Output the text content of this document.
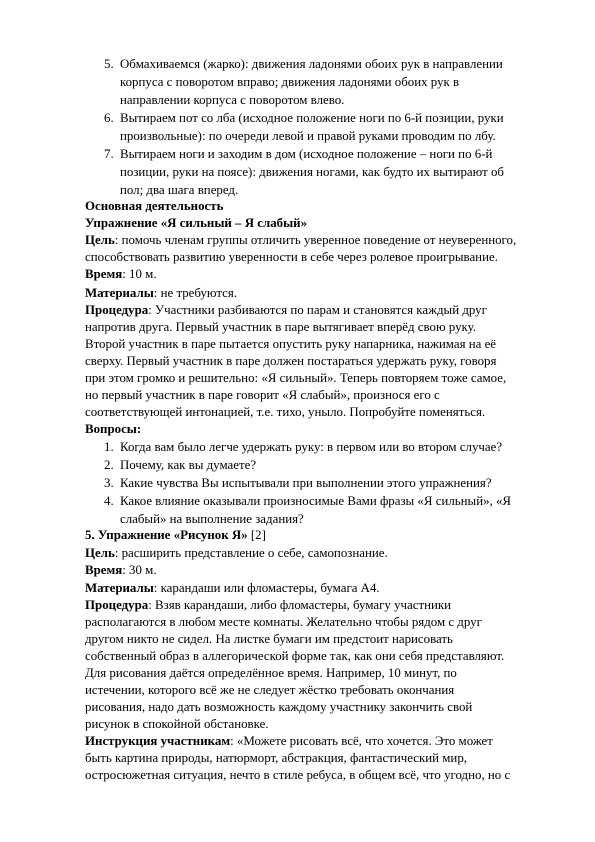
5. Обмахиваемся (жарко): движения ладонями обоих рук в направлении
корпуса с поворотом вправо; движения ладонями обоих рук в
направлении корпуса с поворотом влево.
6. Вытираем пот со лба (исходное положение ноги по 6-й позиции, руки
произвольные): по очереди левой и правой руками проводим по лбу.
7. Вытираем ноги и заходим в дом (исходное положение – ноги по 6-й
позиции, руки на поясе): движения ногами, как будто их вытирают об
пол; два шага вперед.
Основная деятельность
Упражнение «Я сильный – Я слабый»
Цель: помочь членам группы отличить уверенное поведение от неуверенного,
способствовать развитию уверенности в себе через ролевое проигрывание.
Время: 10 м.
Материалы: не требуются.
Процедура: Участники разбиваются по парам и становятся каждый друг
напротив друга. Первый участник в паре вытягивает вперёд свою руку.
Второй участник в паре пытается опустить руку напарника, нажимая на её
сверху. Первый участник в паре должен постараться удержать руку, говоря
при этом громко и решительно: «Я сильный». Теперь повторяем тоже самое,
но первый участник в паре говорит «Я слабый», произнося его с
соответствующей интонацией, т.е. тихо, уныло. Попробуйте поменяться.
Вопросы:
1. Когда вам было легче удержать руку: в первом или во втором случае?
2. Почему, как вы думаете?
3. Какие чувства Вы испытывали при выполнении этого упражнения?
4. Какое влияние оказывали произносимые Вами фразы «Я сильный», «Я
слабый» на выполнение задания?
5. Упражнение «Рисунок Я» [2]
Цель: расширить представление о себе, самопознание.
Время: 30 м.
Материалы: карандаши или фломастеры, бумага А4.
Процедура: Взяв карандаши, либо фломастеры, бумагу участники
располагаются в любом месте комнаты. Желательно чтобы рядом с друг
другом никто не сидел. На листке бумаги им предстоит нарисовать
собственный образ в аллегорической форме так, как они себя представляют.
Для рисования даётся определённое время. Например, 10 минут, по
истечении, которого всё же не следует жёстко требовать окончания
рисования, надо дать возможность каждому участнику закончить свой
рисунок в спокойной обстановке.
Инструкция участникам: «Можете рисовать всё, что хочется. Это может
быть картина природы, натюрморт, абстракция, фантастический мир,
остросюжетная ситуация, нечто в стиле ребуса, в общем всё, что угодно, но с
